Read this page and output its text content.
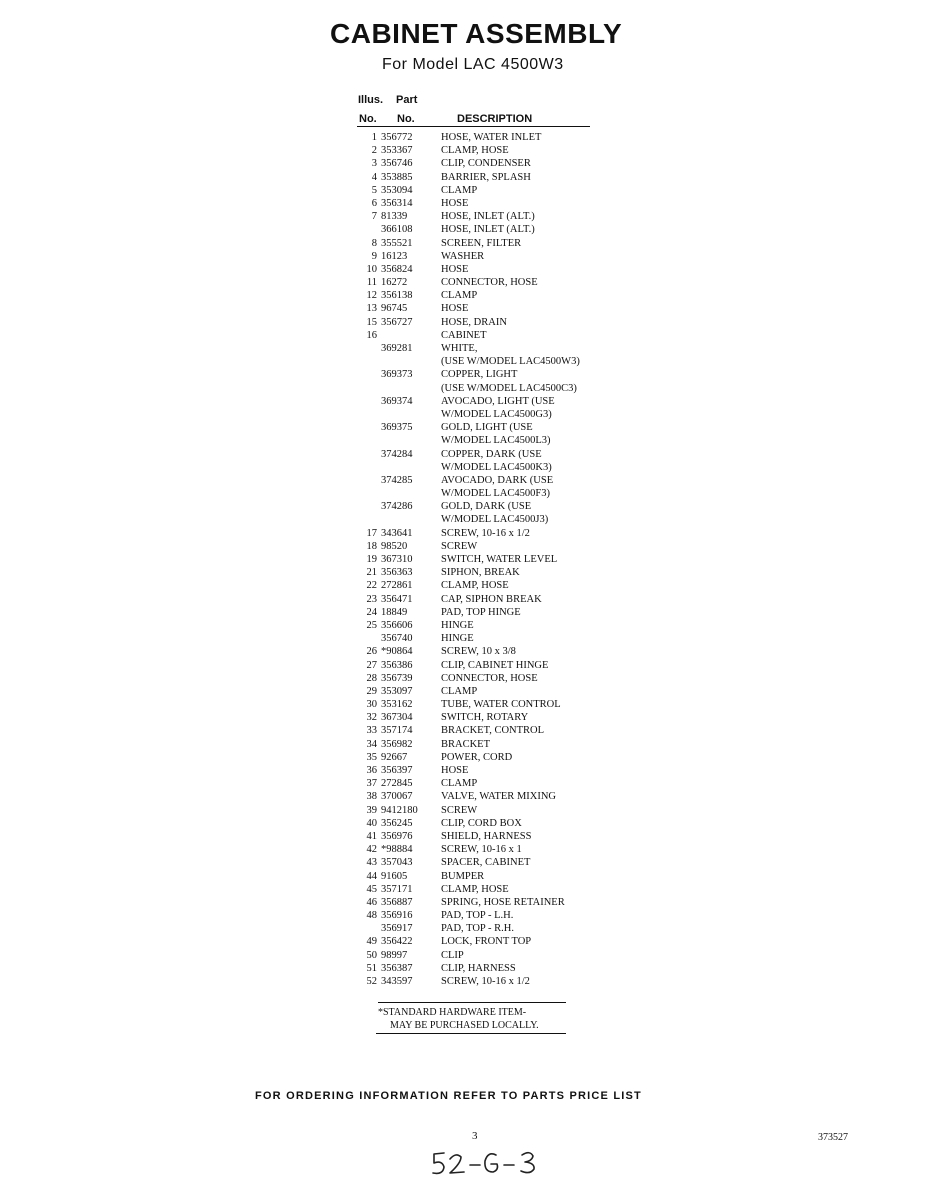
CABINET ASSEMBLY
For Model LAC 4500W3
Illus. Part
No. No.	DESCRIPTION
1 356772	HOSE, WATER INLET
2 353367	CLAMP, HOSE
3 356746	CLIP, CONDENSER
4 353885	BARRIER, SPLASH
5 353094	CLAMP
6 356314	HOSE
7 81339	HOSE, INLET (ALT.)
366108	HOSE, INLET (ALT.)
8 355521	SCREEN, FILTER
9 16123	WASHER
10 356824	HOSE
11 16272	CONNECTOR, HOSE
12 356138	CLAMP
13 96745	HOSE
15 356727	HOSE, DRAIN
16	CABINET
369281	WHITE,
(USE W/MODEL LAC4500W3)
369373	COPPER, LIGHT
(USE W/MODEL LAC4500C3)
369374	AVOCADO, LIGHT (USE
W/MODEL LAC4500G3)
369375	GOLD, LIGHT (USE
W/MODEL LAC4500L3)
374284	COPPER, DARK (USE
W/MODEL LAC4500K3)
374285	AVOCADO, DARK (USE
W/MODEL LAC4500F3)
374286	GOLD, DARK (USE
W/MODEL LAC4500J3)
17 343641	SCREW, 10-16 x 1/2
18 98520	SCREW
19 367310	SWITCH, WATER LEVEL
21 356363	SIPHON, BREAK
22 272861	CLAMP, HOSE
23 356471	CAP, SIPHON BREAK
24 18849	PAD, TOP HINGE
25 356606	HINGE
356740	HINGE
26 *90864	SCREW, 10 x 3/8
27 356386	CLIP, CABINET HINGE
28 356739	CONNECTOR, HOSE
29 353097	CLAMP
30 353162	TUBE, WATER CONTROL
32 367304	SWITCH, ROTARY
33 357174	BRACKET, CONTROL
34 356982	BRACKET
35 92667	POWER, CORD
36 356397	HOSE
37 272845	CLAMP
38 370067	VALVE, WATER MIXING
39 9412180 SCREW
40 356245	CLIP, CORD BOX
41 356976	SHIELD, HARNESS
42 *98884	SCREW, 10-16 x 1
43 357043	SPACER, CABINET
44 91605	BUMPER
45 357171	CLAMP, HOSE
46 356887	SPRING, HOSE RETAINER
48 356916	PAD, TOP - L.H.
356917	PAD, TOP - R.H.
49 356422	LOCK, FRONT TOP
50 98997	CLIP
51 356387	CLIP, HARNESS
52 343597	SCREW, 10-16 x 1/2
*STANDARD HARDWARE ITEM-
MAY BE PURCHASED LOCALLY.
FOR ORDERING INFORMATION REFER TO PARTS PRICE LIST
3	373527
